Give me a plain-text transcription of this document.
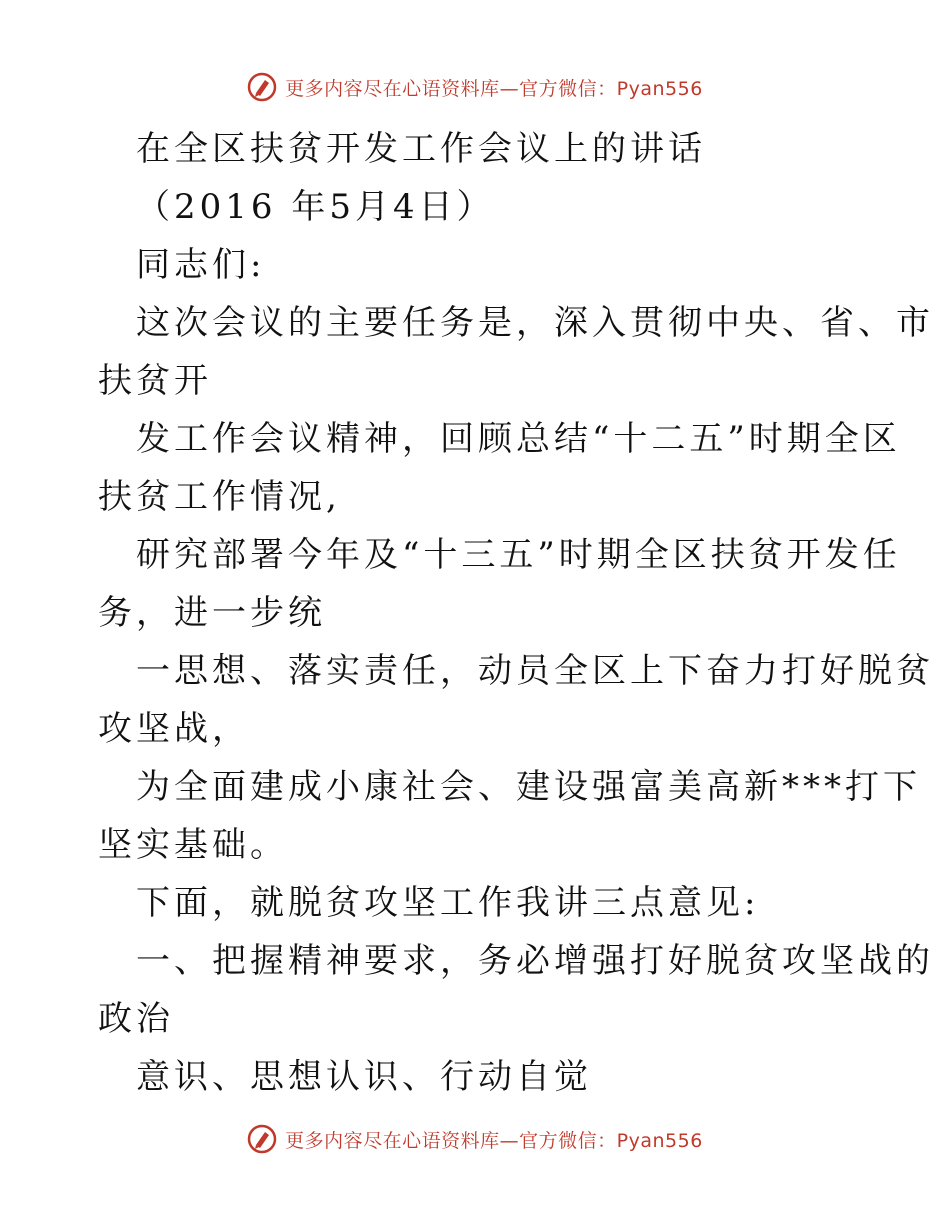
更多内容尽在心语资料库—官方微信：Pyan556
在全区扶贫开发工作会议上的讲话
（2016 年5月4日）
同志们:
这次会议的主要任务是，深入贯彻中央、省、市
扶贫开
发工作会议精神，回顾总结“十二五”时期全区
扶贫工作情况,
研究部署今年及“十三五”时期全区扶贫开发任
务，进一步统
一思想、落实责任，动员全区上下奋力打好脱贫
攻坚战，
为全面建成小康社会、建设强富美高新***打下
坚实基础。
下面，就脱贫攻坚工作我讲三点意见:
一、把握精神要求，务必增强打好脱贫攻坚战的
政治
意识、思想认识、行动自觉
更多内容尽在心语资料库—官方微信：Pyan556
